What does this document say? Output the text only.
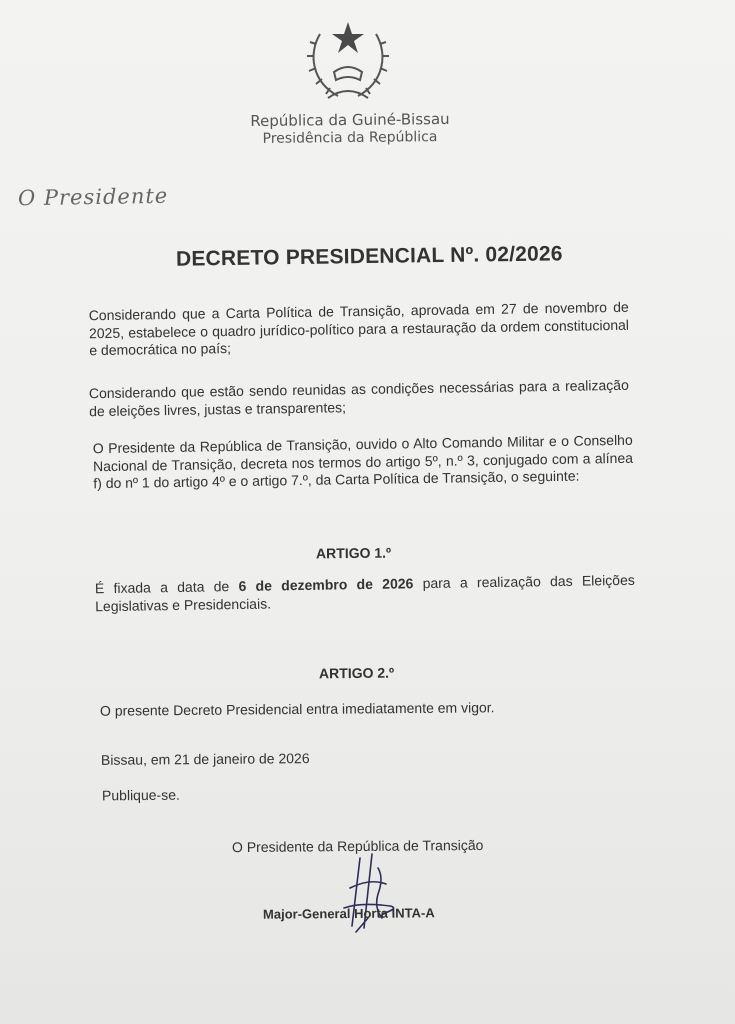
República da Guiné-Bissau
Presidência da República
O Presidente
DECRETO PRESIDENCIAL Nº. 02/2026
Considerando que a Carta Política de Transição, aprovada em 27 de novembro de 2025, estabelece o quadro jurídico-político para a restauração da ordem constitucional e democrática no país;
Considerando que estão sendo reunidas as condições necessárias para a realização de eleições livres, justas e transparentes;
O Presidente da República de Transição, ouvido o Alto Comando Militar e o Conselho Nacional de Transição, decreta nos termos do artigo 5º, n.º 3, conjugado com a alínea f) do nº 1 do artigo 4º e o artigo 7.º, da Carta Política de Transição, o seguinte:
ARTIGO 1.º
É fixada a data de 6 de dezembro de 2026 para a realização das Eleições Legislativas e Presidenciais.
ARTIGO 2.º
O presente Decreto Presidencial entra imediatamente em vigor.
Bissau, em 21 de janeiro de 2026
Publique-se.
O Presidente da República de Transição
Major-General Horta INTA-A
